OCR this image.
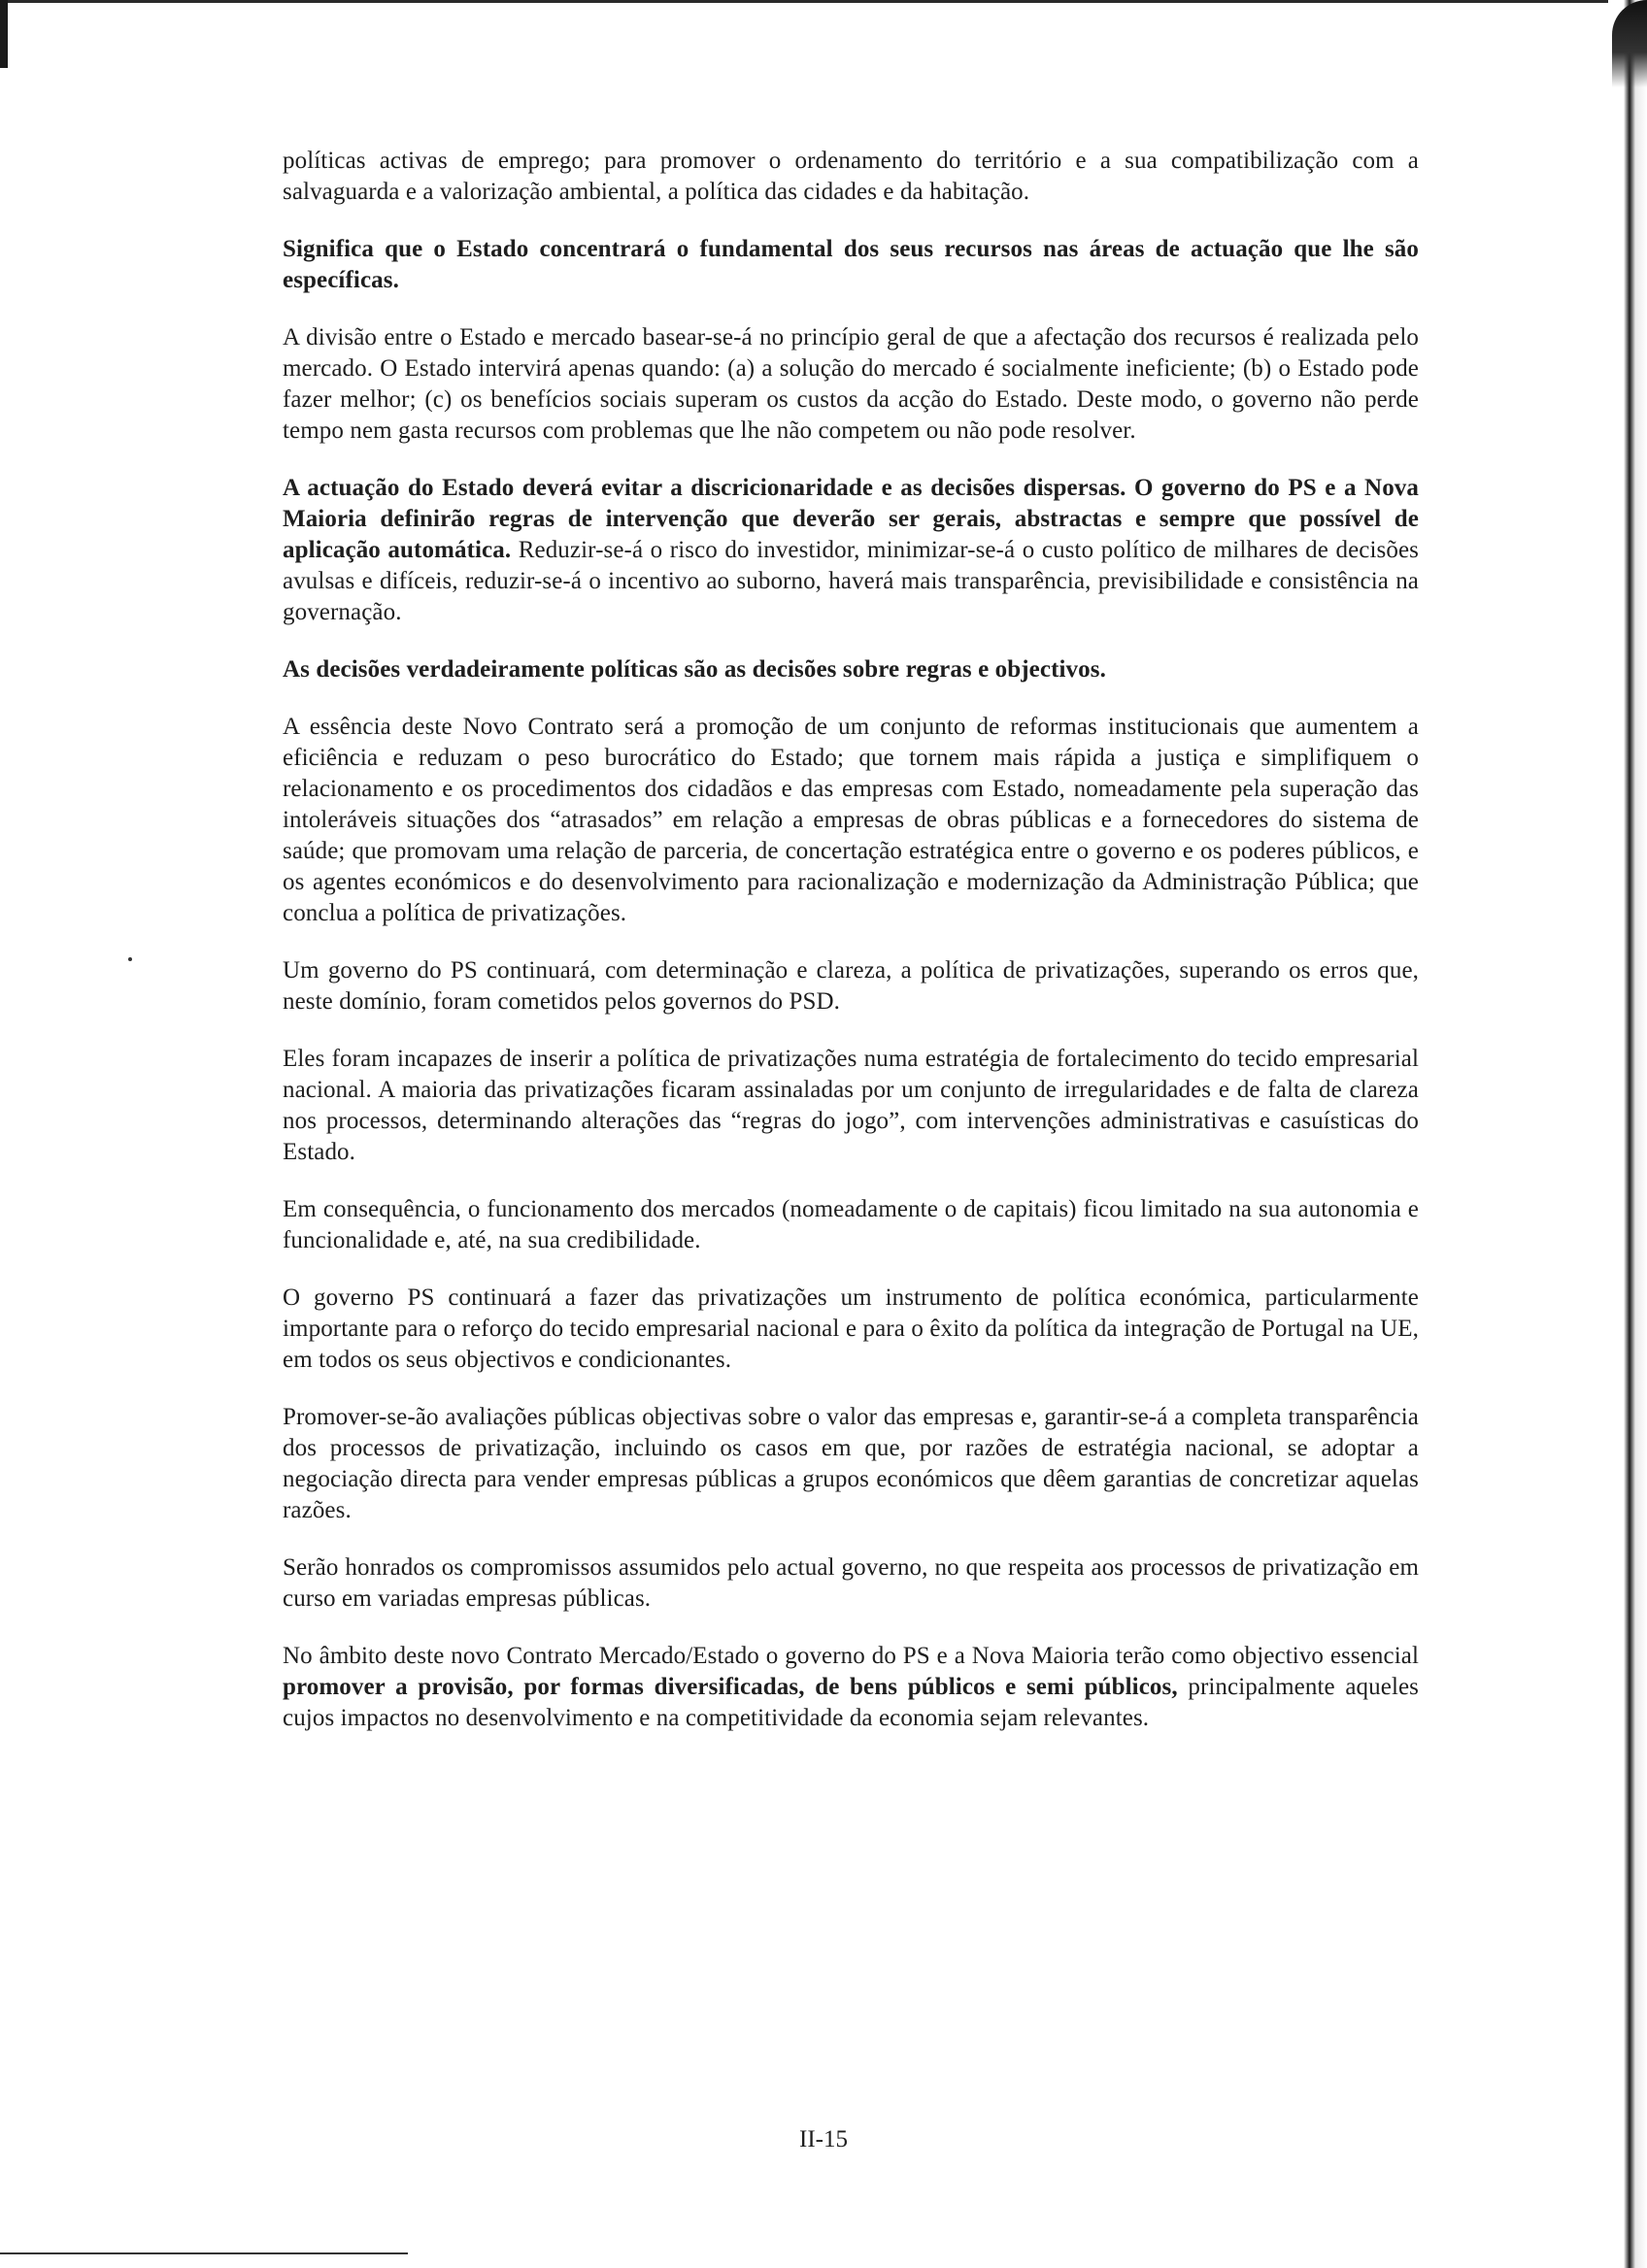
políticas activas de emprego; para promover o ordenamento do território e a sua compatibilização com a salvaguarda e a valorização ambiental, a política das cidades e da habitação.

Significa que o Estado concentrará o fundamental dos seus recursos nas áreas de actuação que lhe são específicas.

A divisão entre o Estado e mercado basear-se-á no princípio geral de que a afectação dos recursos é realizada pelo mercado. O Estado intervirá apenas quando: (a) a solução do mercado é socialmente ineficiente; (b) o Estado pode fazer melhor; (c) os benefícios sociais superam os custos da acção do Estado. Deste modo, o governo não perde tempo nem gasta recursos com problemas que lhe não competem ou não pode resolver.

A actuação do Estado deverá evitar a discricionaridade e as decisões dispersas. O governo do PS e a Nova Maioria definirão regras de intervenção que deverão ser gerais, abstractas e sempre que possível de aplicação automática. Reduzir-se-á o risco do investidor, minimizar-se-á o custo político de milhares de decisões avulsas e difíceis, reduzir-se-á o incentivo ao suborno, haverá mais transparência, previsibilidade e consistência na governação.

As decisões verdadeiramente políticas são as decisões sobre regras e objectivos.

A essência deste Novo Contrato será a promoção de um conjunto de reformas institucionais que aumentem a eficiência e reduzam o peso burocrático do Estado; que tornem mais rápida a justiça e simplifiquem o relacionamento e os procedimentos dos cidadãos e das empresas com Estado, nomeadamente pela superação das intoleráveis situações dos “atrasados” em relação a empresas de obras públicas e a fornecedores do sistema de saúde; que promovam uma relação de parceria, de concertação estratégica entre o governo e os poderes públicos, e os agentes económicos e do desenvolvimento para racionalização e modernização da Administração Pública; que conclua a política de privatizações.

Um governo do PS continuará, com determinação e clareza, a política de privatizações, superando os erros que, neste domínio, foram cometidos pelos governos do PSD.

Eles foram incapazes de inserir a política de privatizações numa estratégia de fortalecimento do tecido empresarial nacional. A maioria das privatizações ficaram assinaladas por um conjunto de irregularidades e de falta de clareza nos processos, determinando alterações das “regras do jogo”, com intervenções administrativas e casuísticas do Estado.

Em consequência, o funcionamento dos mercados (nomeadamente o de capitais) ficou limitado na sua autonomia e funcionalidade e, até, na sua credibilidade.

O governo PS continuará a fazer das privatizações um instrumento de política económica, particularmente importante para o reforço do tecido empresarial nacional e para o êxito da política da integração de Portugal na UE, em todos os seus objectivos e condicionantes.

Promover-se-ão avaliações públicas objectivas sobre o valor das empresas e, garantir-se-á a completa transparência dos processos de privatização, incluindo os casos em que, por razões de estratégia nacional, se adoptar a negociação directa para vender empresas públicas a grupos económicos que dêem garantias de concretizar aquelas razões.

Serão honrados os compromissos assumidos pelo actual governo, no que respeita aos processos de privatização em curso em variadas empresas públicas.

No âmbito deste novo Contrato Mercado/Estado o governo do PS e a Nova Maioria terão como objectivo essencial promover a provisão, por formas diversificadas, de bens públicos e semi públicos, principalmente aqueles cujos impactos no desenvolvimento e na competitividade da economia sejam relevantes.

II-15
